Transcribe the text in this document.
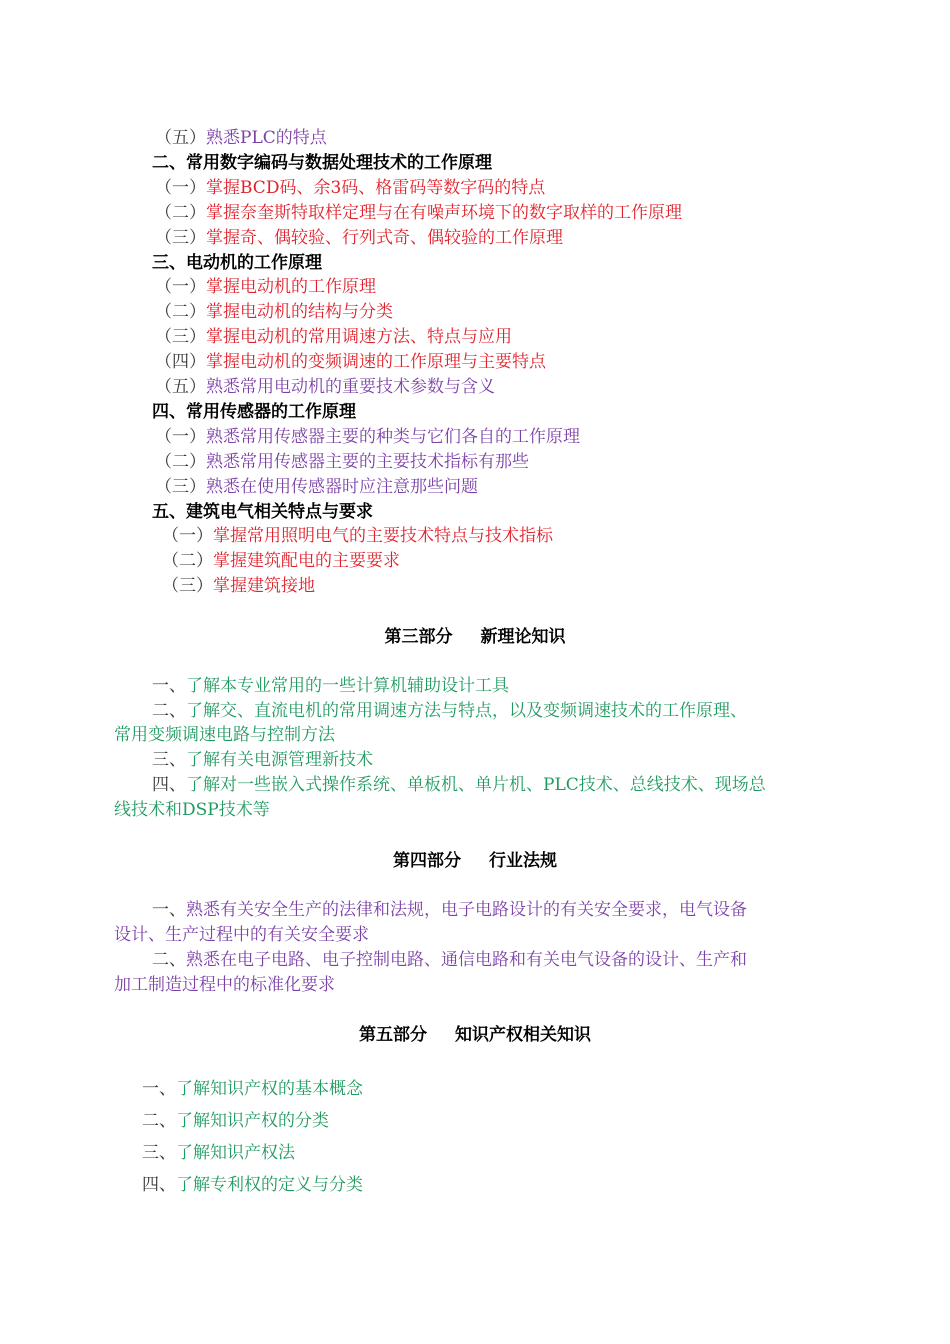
（五）熟悉PLC的特点
二、常用数字编码与数据处理技术的工作原理
（一）掌握BCD码、余3码、格雷码等数字码的特点
（二）掌握奈奎斯特取样定理与在有噪声环境下的数字取样的工作原理
（三）掌握奇、偶较验、行列式奇、偶较验的工作原理
三、电动机的工作原理
（一）掌握电动机的工作原理
（二）掌握电动机的结构与分类
（三）掌握电动机的常用调速方法、特点与应用
（四）掌握电动机的变频调速的工作原理与主要特点
（五）熟悉常用电动机的重要技术参数与含义
四、常用传感器的工作原理
（一）熟悉常用传感器主要的种类与它们各自的工作原理
（二）熟悉常用传感器主要的主要技术指标有那些
（三）熟悉在使用传感器时应注意那些问题
五、建筑电气相关特点与要求
（一）掌握常用照明电气的主要技术特点与技术指标
（二）掌握建筑配电的主要要求
（三）掌握建筑接地
第三部分 新理论知识
一、了解本专业常用的一些计算机辅助设计工具
二、了解交、直流电机的常用调速方法与特点，以及变频调速技术的工作原理、
常用变频调速电路与控制方法
三、了解有关电源管理新技术
四、了解对一些嵌入式操作系统、单板机、单片机、PLC技术、总线技术、现场总
线技术和DSP技术等
第四部分 行业法规
一、熟悉有关安全生产的法律和法规，电子电路设计的有关安全要求，电气设备
设计、生产过程中的有关安全要求
二、熟悉在电子电路、电子控制电路、通信电路和有关电气设备的设计、生产和
加工制造过程中的标准化要求
第五部分 知识产权相关知识
一、了解知识产权的基本概念
二、了解知识产权的分类
三、了解知识产权法
四、了解专利权的定义与分类
